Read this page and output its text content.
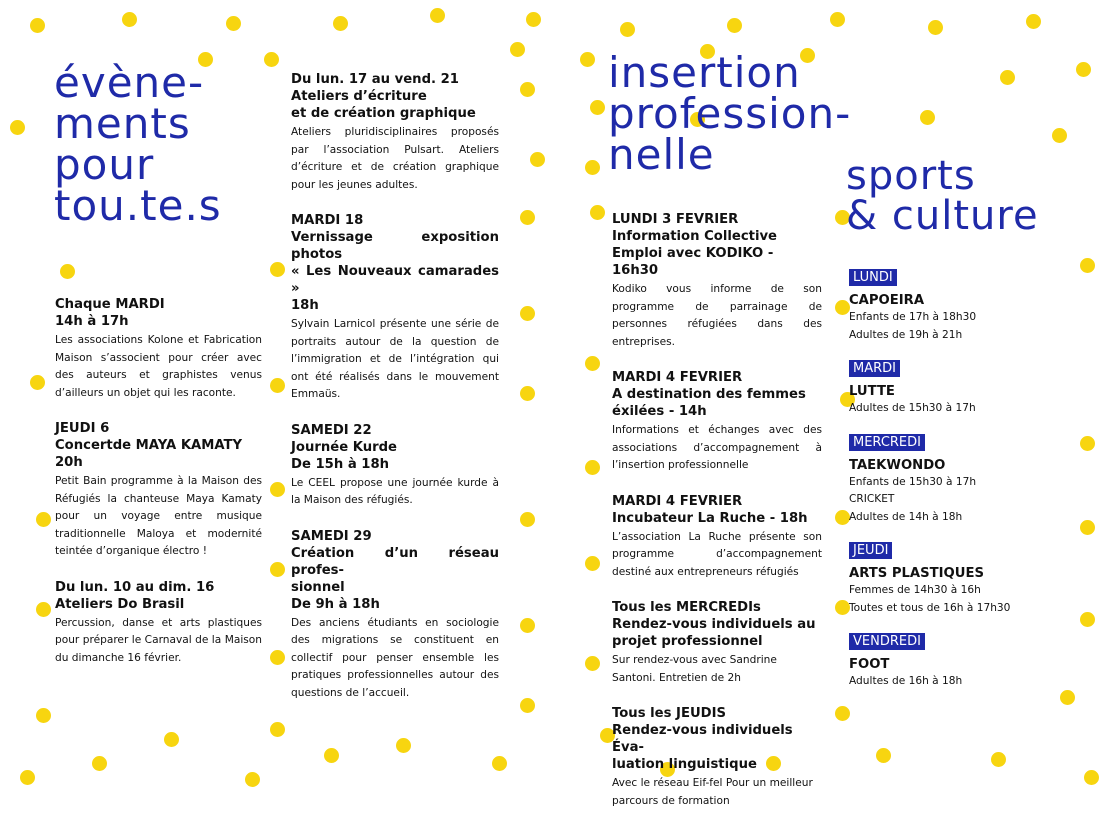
évène-
ments
pour
tou.te.s
insertion
profession-
nelle	sports
& culture
Chaque MARDI
14h à 17h
Les associations Kolone et Fabrication Maison s’associent pour créer avec des auteurs et graphistes venus d’ailleurs un objet qui les raconte.
JEUDI 6
Concertde MAYA KAMATY
20h
Petit Bain programme à la Maison des Réfugiés la chanteuse Maya Kamaty pour un voyage entre musique traditionnelle Maloya et modernité teintée d’organique électro !
Du lun. 10 au dim. 16
Ateliers Do Brasil
Percussion, danse et arts plastiques pour préparer le Carnaval de la Maison du dimanche 16 février.
Du lun. 17 au vend. 21
Ateliers d’écriture
et de création graphique
Ateliers pluridisciplinaires proposés par l’association Pulsart. Ateliers d’écriture et de création graphique pour les jeunes adultes.
MARDI 18
Vernissage exposition photos
« Les Nouveaux camarades »
18h
Sylvain Larnicol présente une série de portraits autour de la question de l’immigration et de l’intégration qui ont été réalisés dans le mouvement Emmaüs.
SAMEDI 22
Journée Kurde
De 15h à 18h
Le CEEL propose une journée kurde à la Maison des réfugiés.
SAMEDI 29
Création d’un réseau profes-
sionnel
De 9h à 18h
Des anciens étudiants en sociologie des migrations se constituent en collectif pour penser ensemble les pratiques professionnelles autour des questions de l’accueil.
LUNDI 3 FEVRIER
Information Collective
Emploi avec KODIKO - 16h30
Kodiko vous informe de son programme de parrainage de personnes réfugiées dans des entreprises.
MARDI 4 FEVRIER
A destination des femmes
éxilées - 14h
Informations et échanges avec des associations d’accompagnement à l’insertion professionnelle
MARDI 4 FEVRIER
Incubateur La Ruche - 18h
L’association La Ruche présente son programme d’accompagnement destiné aux entrepreneurs réfugiés
Tous les MERCREDIs
Rendez-vous individuels au
projet professionnel
Sur rendez-vous avec Sandrine Santoni. Entretien de 2h
Tous les JEUDIS
Rendez-vous individuels Éva-
luation linguistique
Avec le réseau Eif-fel Pour un meilleur parcours de formation
LUNDI
CAPOEIRA
Enfants de 17h à 18h30
Adultes de 19h à 21h
MARDI
LUTTE
Adultes de 15h30 à 17h
MERCREDI
TAEKWONDO
Enfants de 15h30 à 17h
CRICKET
Adultes de 14h à 18h
JEUDI
ARTS PLASTIQUES
Femmes de 14h30 à 16h
Toutes et tous de 16h à 17h30
VENDREDI
FOOT
Adultes de 16h à 18h
